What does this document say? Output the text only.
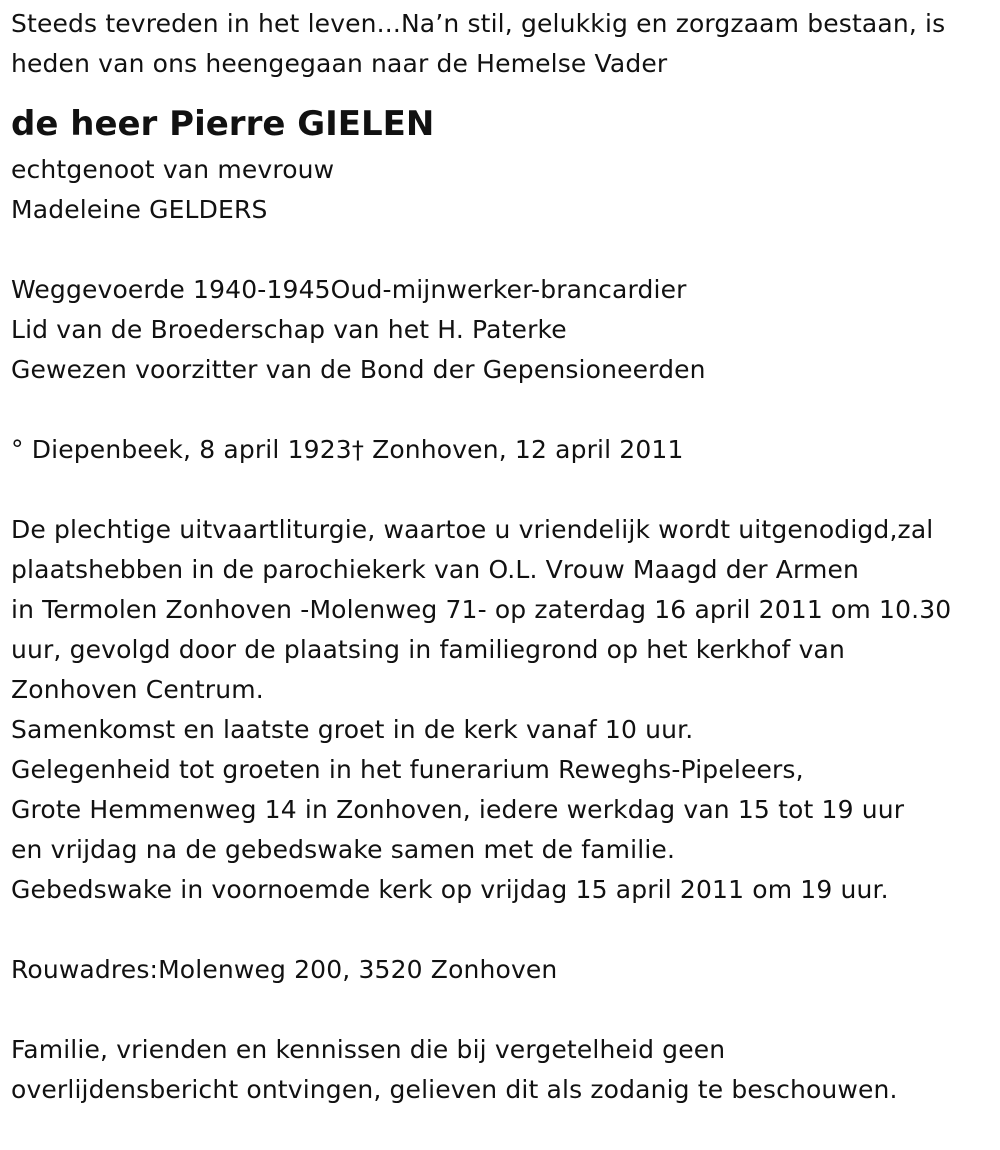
Steeds tevreden in het leven...Na’n stil, gelukkig en zorgzaam bestaan, is
heden van ons heengegaan naar de Hemelse Vader
de heer Pierre GIELEN
echtgenoot van mevrouw
Madeleine GELDERS
Weggevoerde 1940-1945Oud-mijnwerker-brancardier
Lid van de Broederschap van het H. Paterke
Gewezen voorzitter van de Bond der Gepensioneerden
° Diepenbeek, 8 april 1923† Zonhoven, 12 april 2011
De plechtige uitvaartliturgie, waartoe u vriendelijk wordt uitgenodigd,zal
plaatshebben in de parochiekerk van O.L. Vrouw Maagd der Armen
in Termolen Zonhoven -Molenweg 71- op zaterdag 16 april 2011 om 10.30
uur, gevolgd door de plaatsing in familiegrond op het kerkhof van
Zonhoven Centrum.
Samenkomst en laatste groet in de kerk vanaf 10 uur.
Gelegenheid tot groeten in het funerarium Reweghs-Pipeleers,
Grote Hemmenweg 14 in Zonhoven, iedere werkdag van 15 tot 19 uur
en vrijdag na de gebedswake samen met de familie.
Gebedswake in voornoemde kerk op vrijdag 15 april 2011 om 19 uur.
Rouwadres:Molenweg 200, 3520 Zonhoven
Familie, vrienden en kennissen die bij vergetelheid geen
overlijdensbericht ontvingen, gelieven dit als zodanig te beschouwen.
